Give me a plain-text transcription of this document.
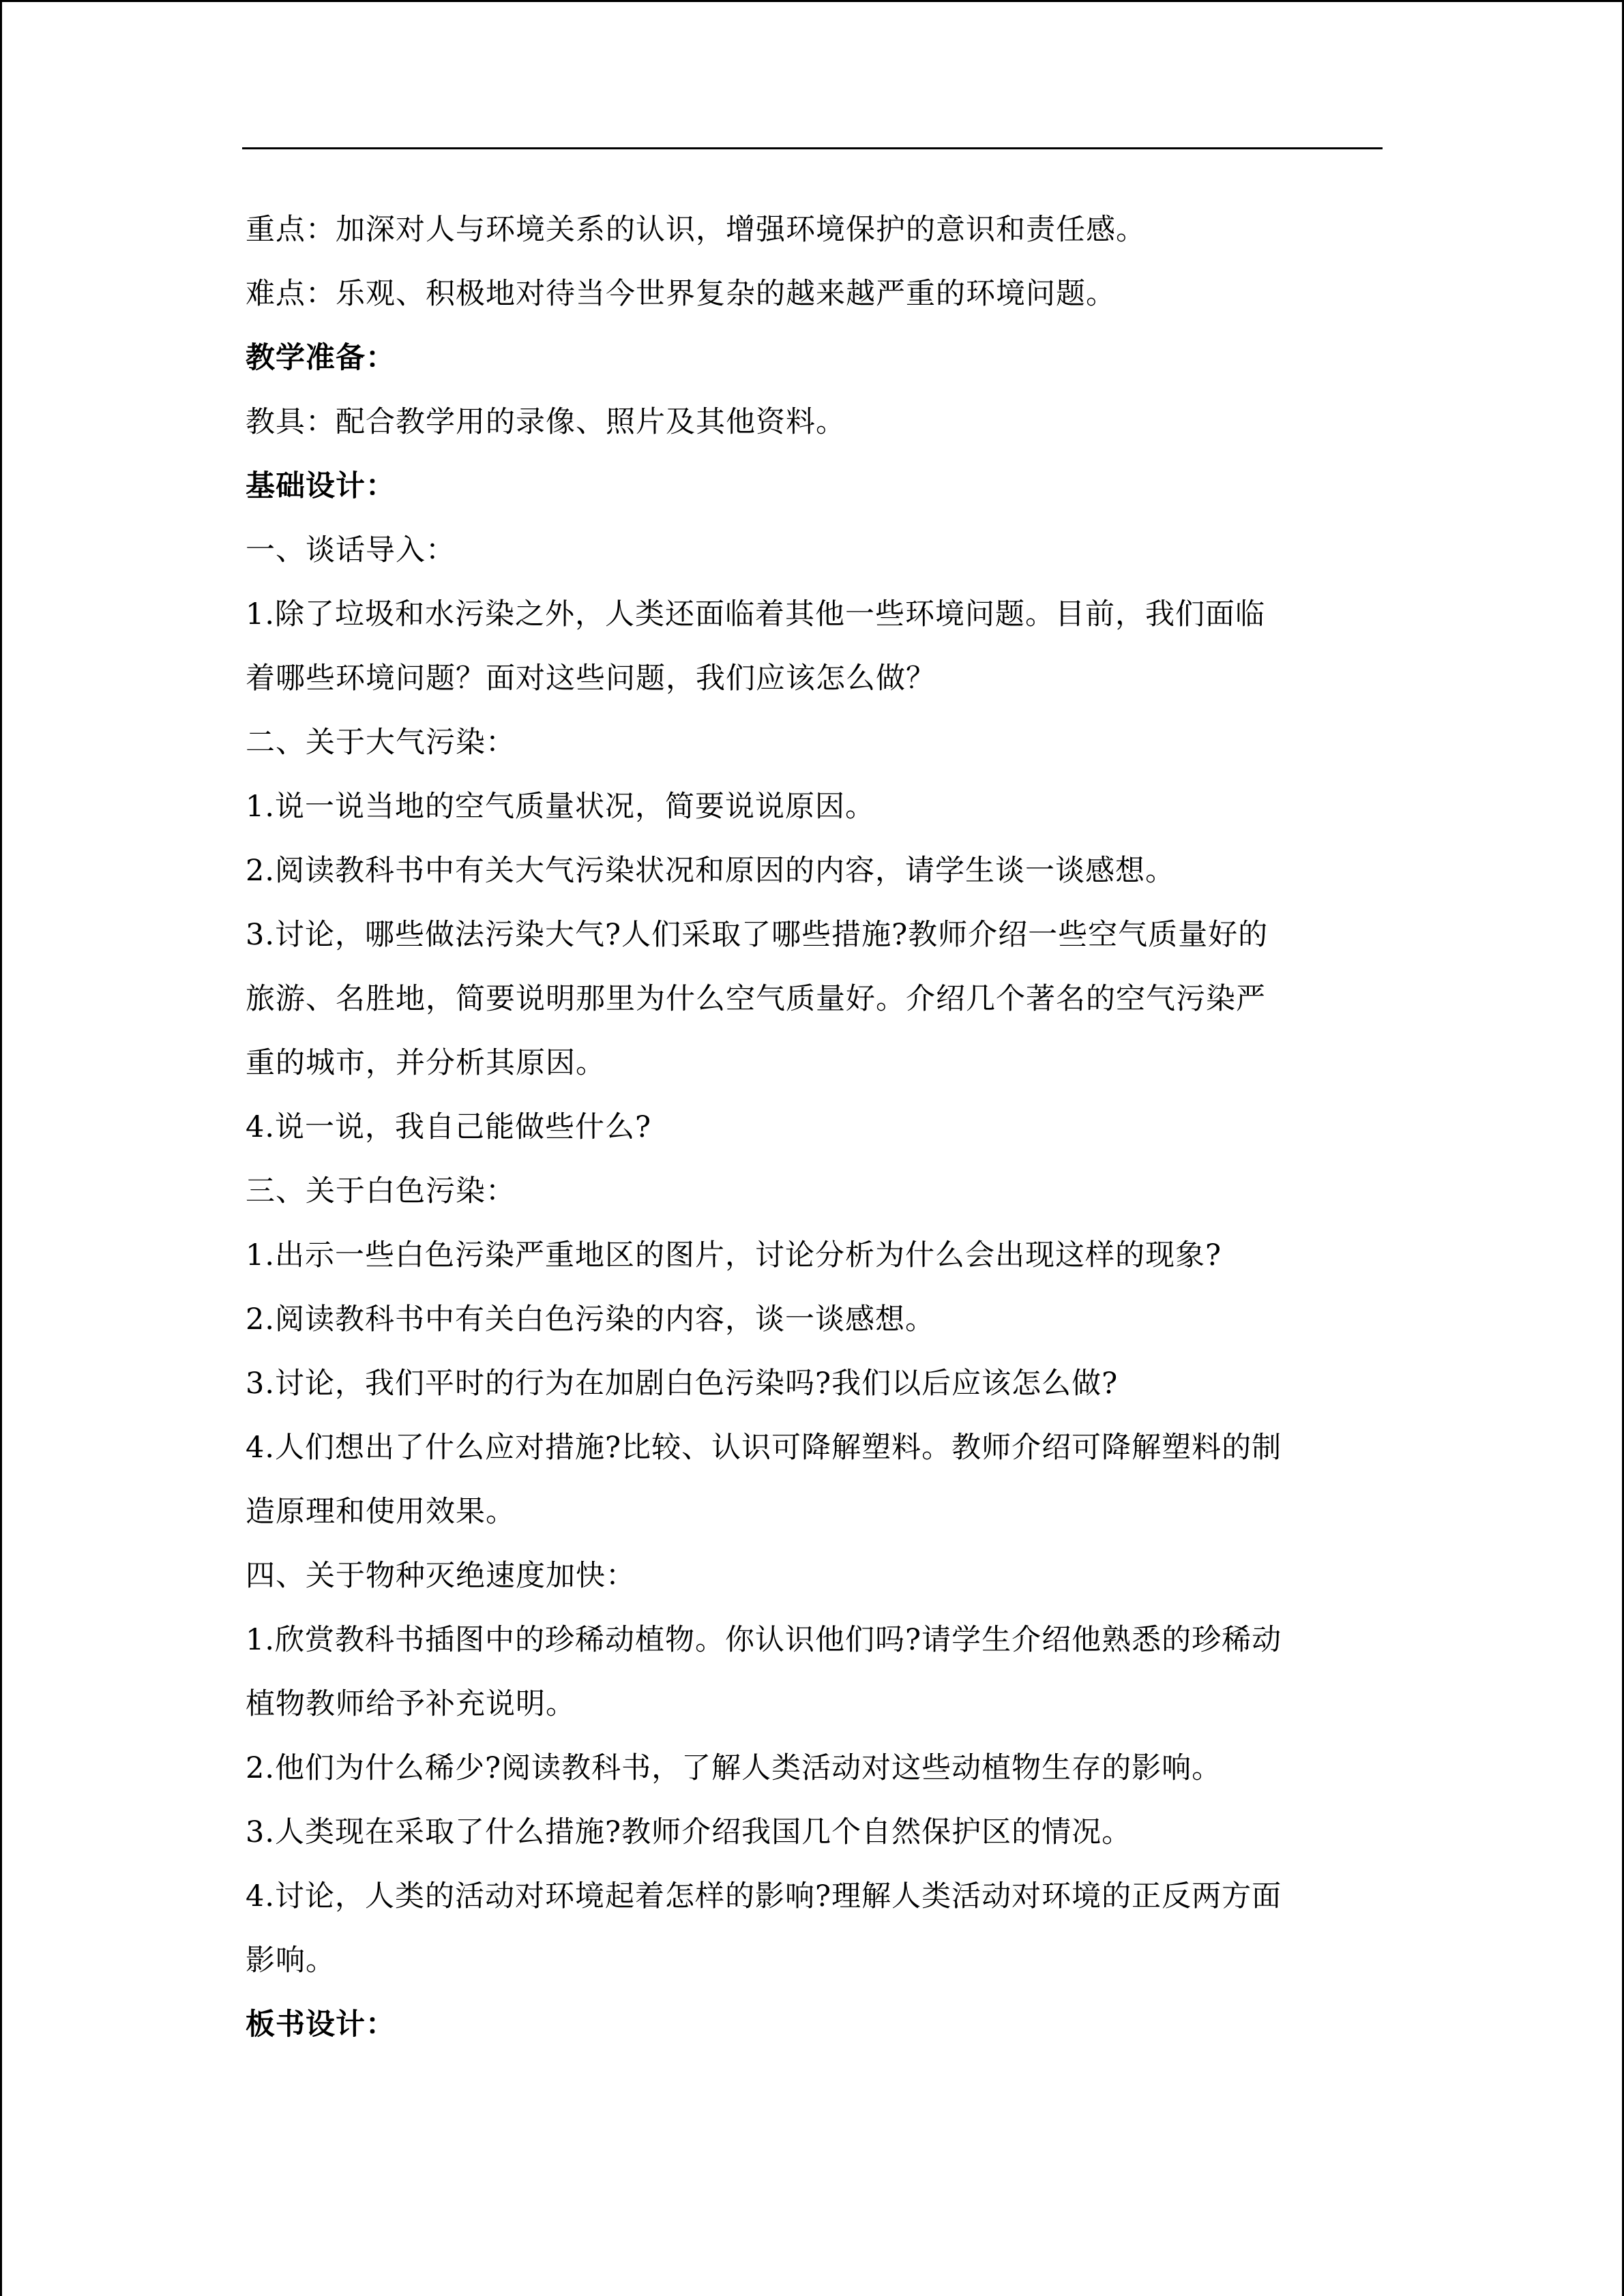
重点：加深对人与环境关系的认识，增强环境保护的意识和责任感。
难点：乐观、积极地对待当今世界复杂的越来越严重的环境问题。
教学准备：
教具：配合教学用的录像、照片及其他资料。
基础设计：
一、谈话导入：
1.除了垃圾和水污染之外，人类还面临着其他一些环境问题。目前，我们面临
着哪些环境问题？面对这些问题，我们应该怎么做？
二、关于大气污染：
1.说一说当地的空气质量状况，简要说说原因。
2.阅读教科书中有关大气污染状况和原因的内容，请学生谈一谈感想。
3.讨论，哪些做法污染大气?人们采取了哪些措施?教师介绍一些空气质量好的
旅游、名胜地，简要说明那里为什么空气质量好。介绍几个著名的空气污染严
重的城市，并分析其原因。
4.说一说，我自己能做些什么?
三、关于白色污染：
1.出示一些白色污染严重地区的图片，讨论分析为什么会出现这样的现象?
2.阅读教科书中有关白色污染的内容，谈一谈感想。
3.讨论，我们平时的行为在加剧白色污染吗?我们以后应该怎么做?
4.人们想出了什么应对措施?比较、认识可降解塑料。教师介绍可降解塑料的制
造原理和使用效果。
四、关于物种灭绝速度加快：
1.欣赏教科书插图中的珍稀动植物。你认识他们吗?请学生介绍他熟悉的珍稀动
植物教师给予补充说明。
2.他们为什么稀少?阅读教科书，了解人类活动对这些动植物生存的影响。
3.人类现在采取了什么措施?教师介绍我国几个自然保护区的情况。
4.讨论，人类的活动对环境起着怎样的影响?理解人类活动对环境的正反两方面
影响。
板书设计：
